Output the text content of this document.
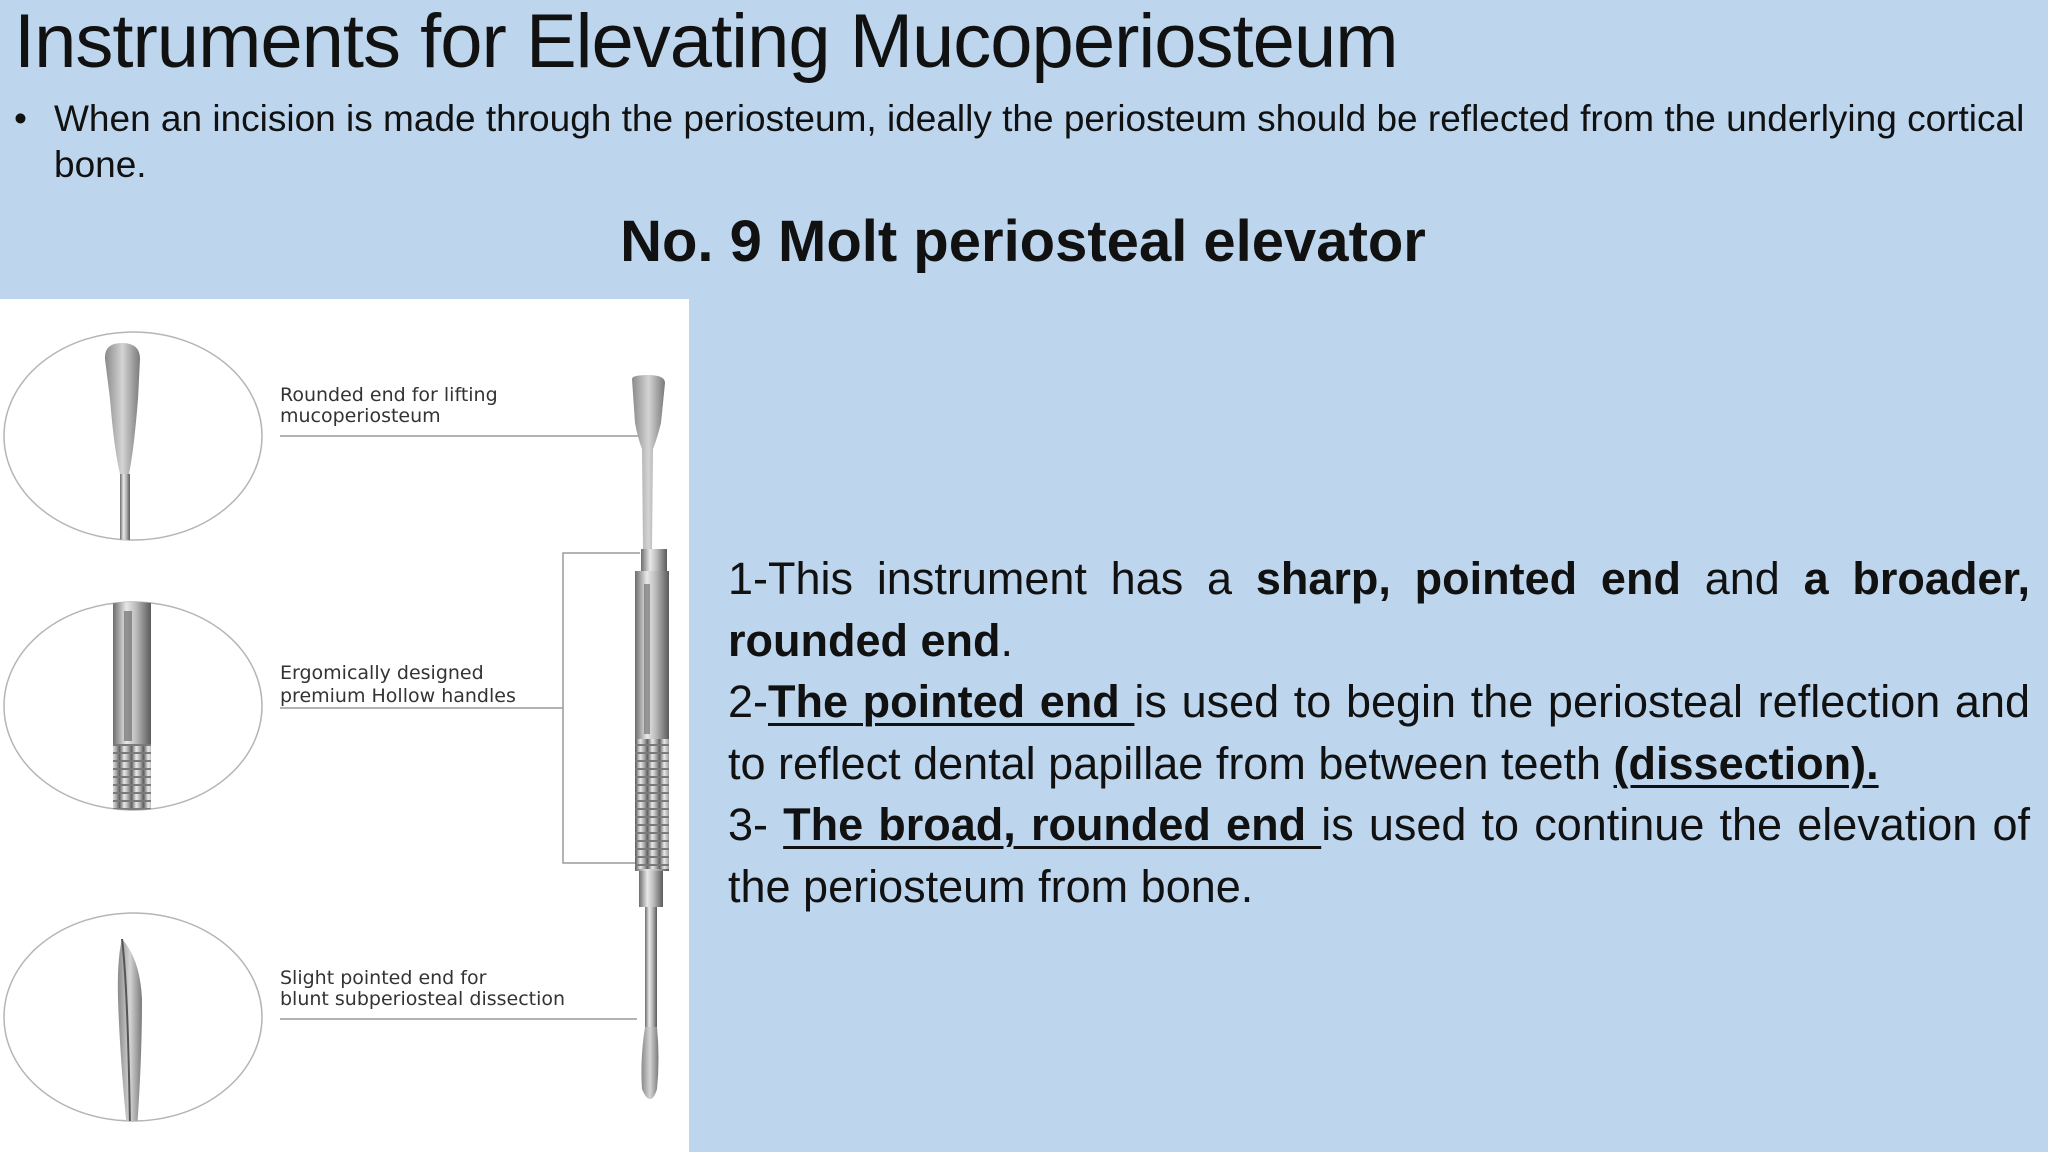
Instruments for Elevating Mucoperiosteum
• When an incision is made through the periosteum, ideally the periosteum should be reflected from the underlying cortical bone.
No. 9 Molt periosteal elevator
Rounded end for lifting
mucoperiosteum
Ergomically designed
premium Hollow handles
Slight pointed end for
blunt subperiosteal dissection

1-This instrument has a sharp, pointed end and a broader, rounded end.

2-The pointed end is used to begin the periosteal reflection and to reflect dental papillae from between teeth (dissection).

3- The broad, rounded end is used to continue the elevation of the periosteum from bone.
